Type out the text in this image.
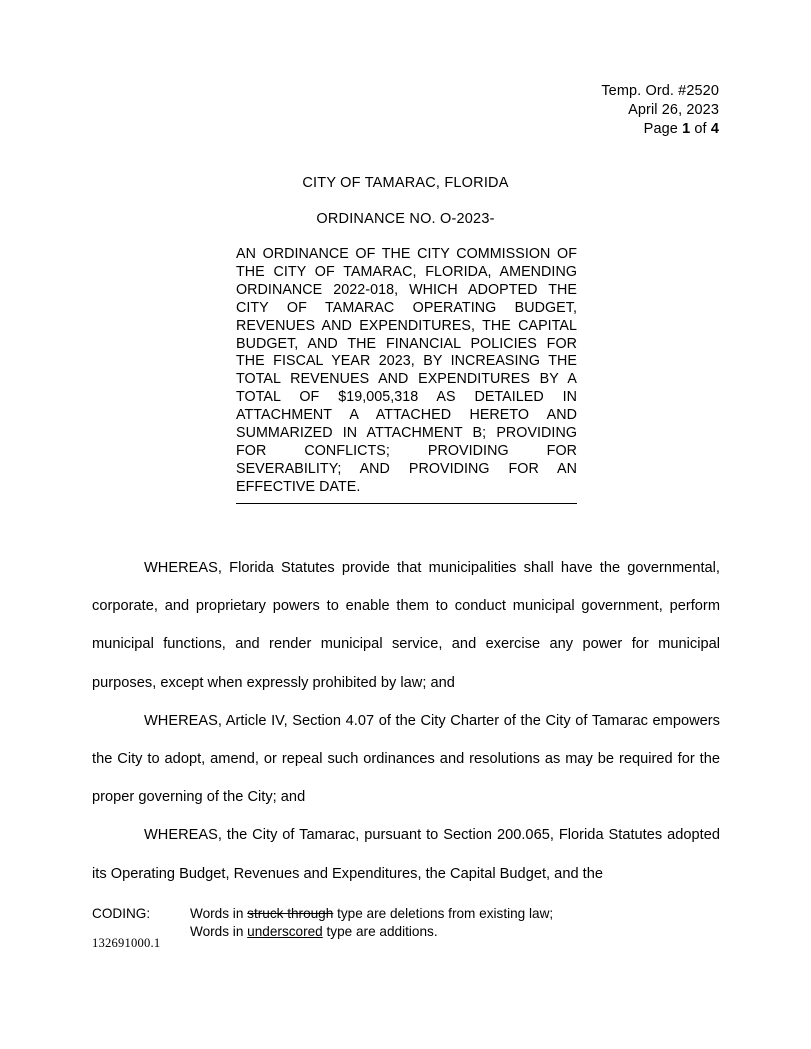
Temp. Ord. #2520
April 26, 2023
Page 1 of 4
CITY OF TAMARAC, FLORIDA
ORDINANCE NO. O-2023-
AN ORDINANCE OF THE CITY COMMISSION OF THE CITY OF TAMARAC, FLORIDA, AMENDING ORDINANCE 2022-018, WHICH ADOPTED THE CITY OF TAMARAC OPERATING BUDGET, REVENUES AND EXPENDITURES, THE CAPITAL BUDGET, AND THE FINANCIAL POLICIES FOR THE FISCAL YEAR 2023, BY INCREASING THE TOTAL REVENUES AND EXPENDITURES BY A TOTAL OF $19,005,318 AS DETAILED IN ATTACHMENT A ATTACHED HERETO AND SUMMARIZED IN ATTACHMENT B; PROVIDING FOR CONFLICTS; PROVIDING FOR SEVERABILITY; AND PROVIDING FOR AN EFFECTIVE DATE.

WHEREAS, Florida Statutes provide that municipalities shall have the governmental, corporate, and proprietary powers to enable them to conduct municipal government, perform municipal functions, and render municipal service, and exercise any power for municipal purposes, except when expressly prohibited by law; and

WHEREAS, Article IV, Section 4.07 of the City Charter of the City of Tamarac empowers the City to adopt, amend, or repeal such ordinances and resolutions as may be required for the proper governing of the City; and

WHEREAS, the City of Tamarac, pursuant to Section 200.065, Florida Statutes adopted its Operating Budget, Revenues and Expenditures, the Capital Budget, and the

CODING:	Words in struck through type are deletions from existing law;
Words in underscored type are additions.
132691000.1
